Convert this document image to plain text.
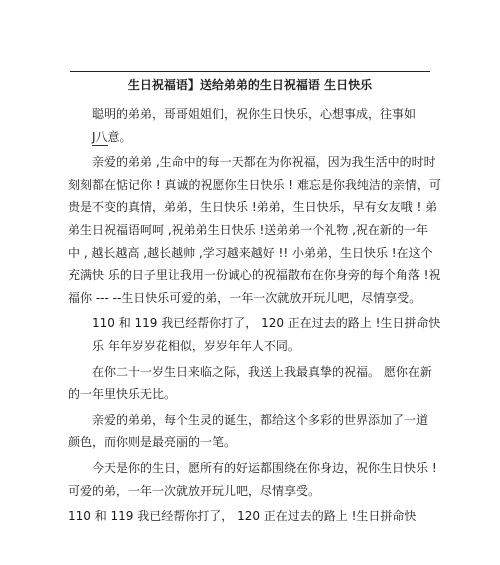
生日祝福语】送给弟弟的生日祝福语 生日快乐
聪明的弟弟，哥哥姐姐们，祝你生日快乐，心想事成，往事如
J八意。
亲爱的弟弟 ,生命中的每一天都在为你祝福，因为我生活中的时时
刻刻都在惦记你 ! 真诚的祝愿你生日快乐 ! 难忘是你我纯洁的亲情，可
贵是不变的真情，弟弟，生日快乐 !弟弟，生日快乐，早有女友哦 ! 弟
弟生日祝福语呵呵 ,祝弟弟生日快乐 !送弟弟一个礼物 ,祝在新的一年
中 , 越长越高 ,越长越帅 ,学习越来越好 !! 小弟弟，生日快乐 !在这个
充满快 乐的日子里让我用一份诚心的祝福散布在你身旁的每个角落 !祝
福你 --- --生日快乐可爱的弟，一年一次就放开玩儿吧，尽情享受。
110 和 119 我已经帮你打了， 120 正在过去的路上 !生日拼命快
乐 年年岁岁花相似，岁岁年年人不同。
在你二十一岁生日来临之际，我送上我最真挚的祝福。 愿你在新
的一年里快乐无比。
亲爱的弟弟，每个生灵的诞生，都给这个多彩的世界添加了一道
颜色，而你则是最亮丽的一笔。
今天是你的生日，愿所有的好运都围绕在你身边，祝你生日快乐 !
可爱的弟，一年一次就放开玩儿吧，尽情享受。
110 和 119 我已经帮你打了， 120 正在过去的路上 !生日拼命快
